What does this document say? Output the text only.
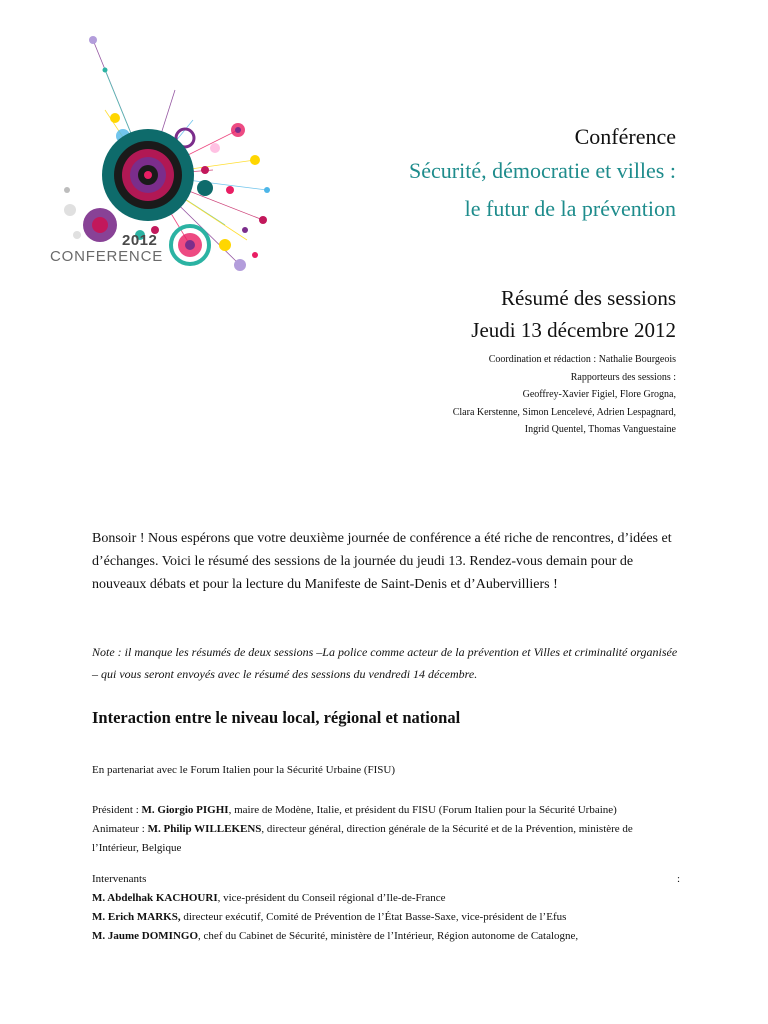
2012
CONFERENCE
Conférence
Sécurité, démocratie et villes :
le futur de la prévention
Résumé des sessions
Jeudi 13 décembre 2012
Coordination et rédaction : Nathalie Bourgeois
Rapporteurs des sessions :
Geoffrey-Xavier Figiel, Flore Grogna,
Clara Kerstenne, Simon Lencelevé, Adrien Lespagnard,
Ingrid Quentel, Thomas Vanguestaine
Bonsoir ! Nous espérons que votre deuxième journée de conférence a été riche de rencontres, d’idées et d’échanges. Voici le résumé des sessions de la journée du jeudi 13. Rendez-vous demain pour de nouveaux débats et pour la lecture du Manifeste de Saint-Denis et d’Aubervilliers !
Note : il manque les résumés de deux sessions –La police comme acteur de la prévention et Villes et criminalité organisée – qui vous seront envoyés avec le résumé des sessions du vendredi 14 décembre.
Interaction entre le niveau local, régional et national
En partenariat avec le Forum Italien pour la Sécurité Urbaine (FISU)

Président : M. Giorgio PIGHI, maire de Modène, Italie, et président du FISU (Forum Italien pour la Sécurité Urbaine)

Animateur : M. Philip WILLEKENS, directeur général, direction générale de la Sécurité et de la Prévention, ministère de l’Intérieur, Belgique

Intervenants	:

M. Abdelhak KACHOURI, vice-président du Conseil régional d’Ile-de-France

M. Erich MARKS, directeur exécutif, Comité de Prévention de l’État Basse-Saxe, vice-président de l’Efus

M. Jaume DOMINGO, chef du Cabinet de Sécurité, ministère de l’Intérieur, Région autonome de Catalogne,
